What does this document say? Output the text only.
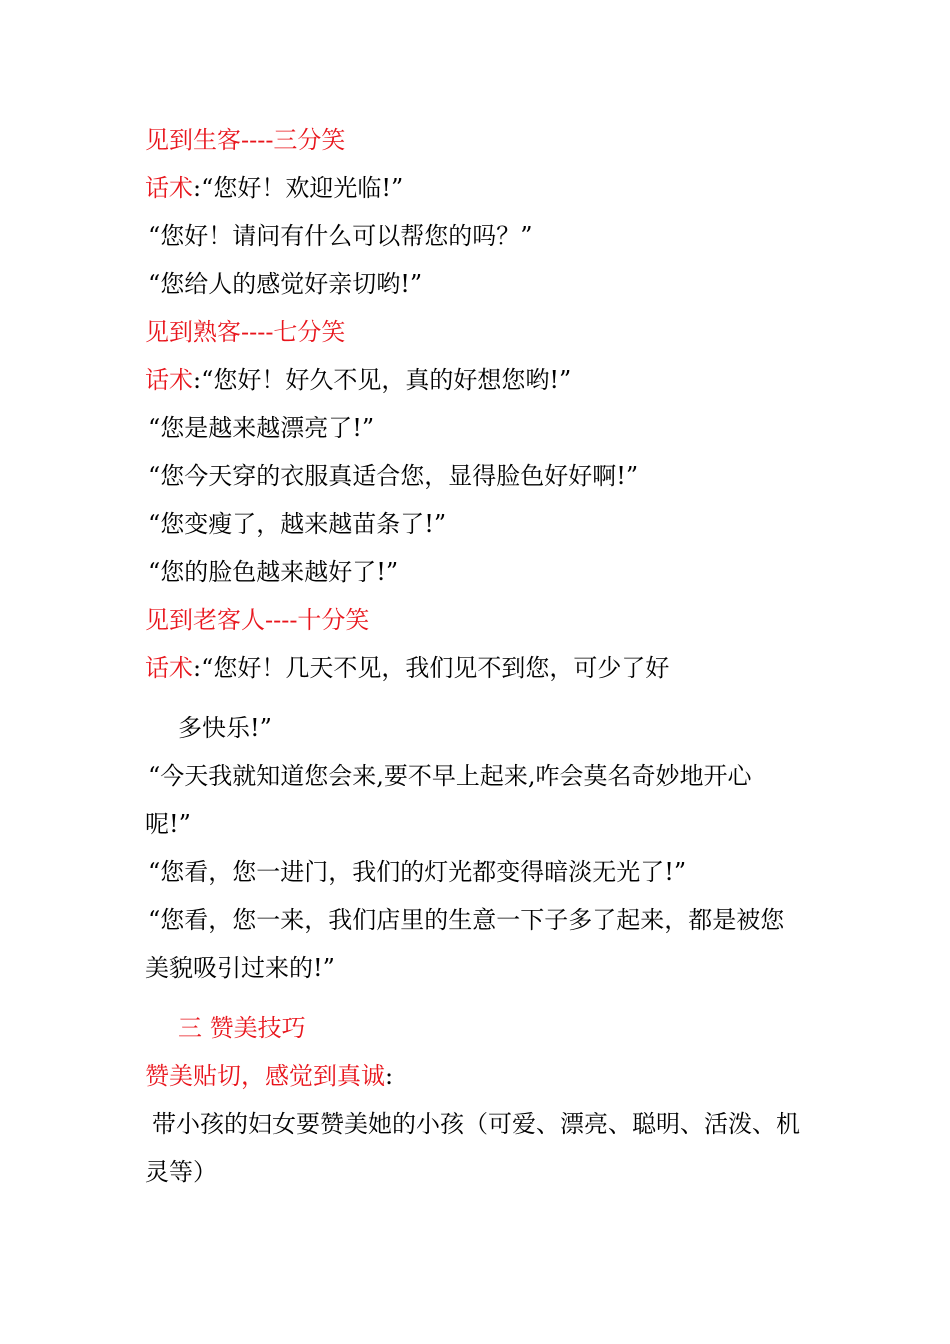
见到生客----三分笑
话术:“您好！欢迎光临!”
“您好！请问有什么可以帮您的吗？”
“您给人的感觉好亲切哟!”
见到熟客----七分笑
话术:“您好！好久不见，真的好想您哟!”
“您是越来越漂亮了!”
“您今天穿的衣服真适合您，显得脸色好好啊!”
“您变瘦了，越来越苗条了!”
“您的脸色越来越好了!”
见到老客人----十分笑
话术:“您好！几天不见，我们见不到您，可少了好
多快乐!”
“今天我就知道您会来,要不早上起来,咋会莫名奇妙地开心
呢!”
“您看，您一进门，我们的灯光都变得暗淡无光了!”
“您看，您一来，我们店里的生意一下子多了起来，都是被您
美貌吸引过来的!”
三 赞美技巧
赞美贴切，感觉到真诚:
带小孩的妇女要赞美她的小孩（可爱、漂亮、聪明、活泼、机
灵等）
